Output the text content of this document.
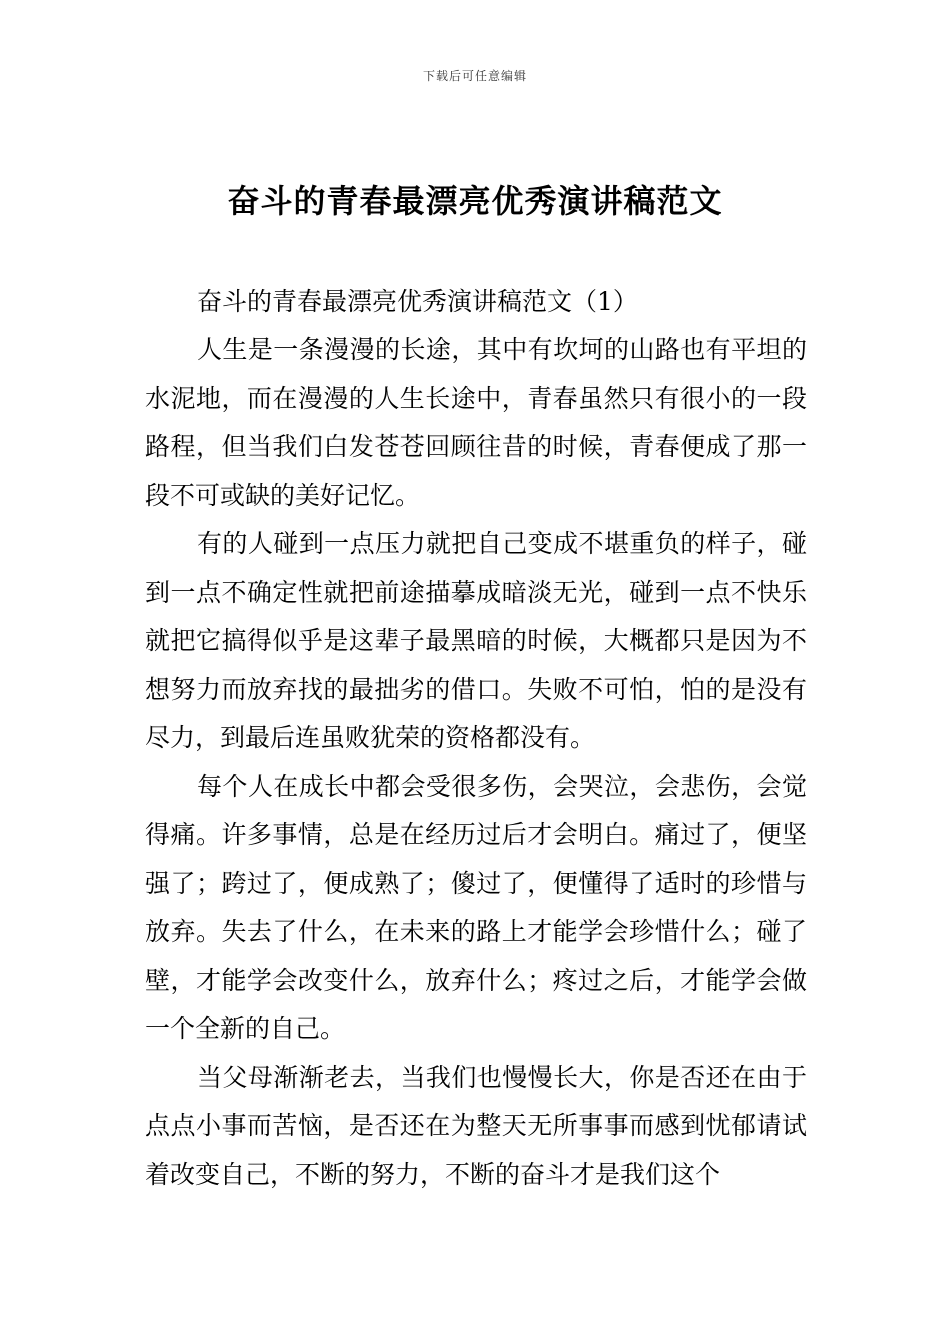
下载后可任意编辑
奋斗的青春最漂亮优秀演讲稿范文

奋斗的青春最漂亮优秀演讲稿范文（1）

人生是一条漫漫的长途，其中有坎坷的山路也有平坦的水泥地，而在漫漫的人生长途中，青春虽然只有很小的一段路程，但当我们白发苍苍回顾往昔的时候，青春便成了那一段不可或缺的美好记忆。

有的人碰到一点压力就把自己变成不堪重负的样子，碰到一点不确定性就把前途描摹成暗淡无光，碰到一点不快乐就把它搞得似乎是这辈子最黑暗的时候，大概都只是因为不想努力而放弃找的最拙劣的借口。失败不可怕，怕的是没有尽力，到最后连虽败犹荣的资格都没有。

每个人在成长中都会受很多伤，会哭泣，会悲伤，会觉得痛。许多事情，总是在经历过后才会明白。痛过了，便坚强了；跨过了，便成熟了；傻过了，便懂得了适时的珍惜与放弃。失去了什么，在未来的路上才能学会珍惜什么；碰了壁，才能学会改变什么，放弃什么；疼过之后，才能学会做一个全新的自己。

当父母渐渐老去，当我们也慢慢长大，你是否还在由于点点小事而苦恼，是否还在为整天无所事事而感到忧郁请试着改变自己，不断的努力，不断的奋斗才是我们这个
